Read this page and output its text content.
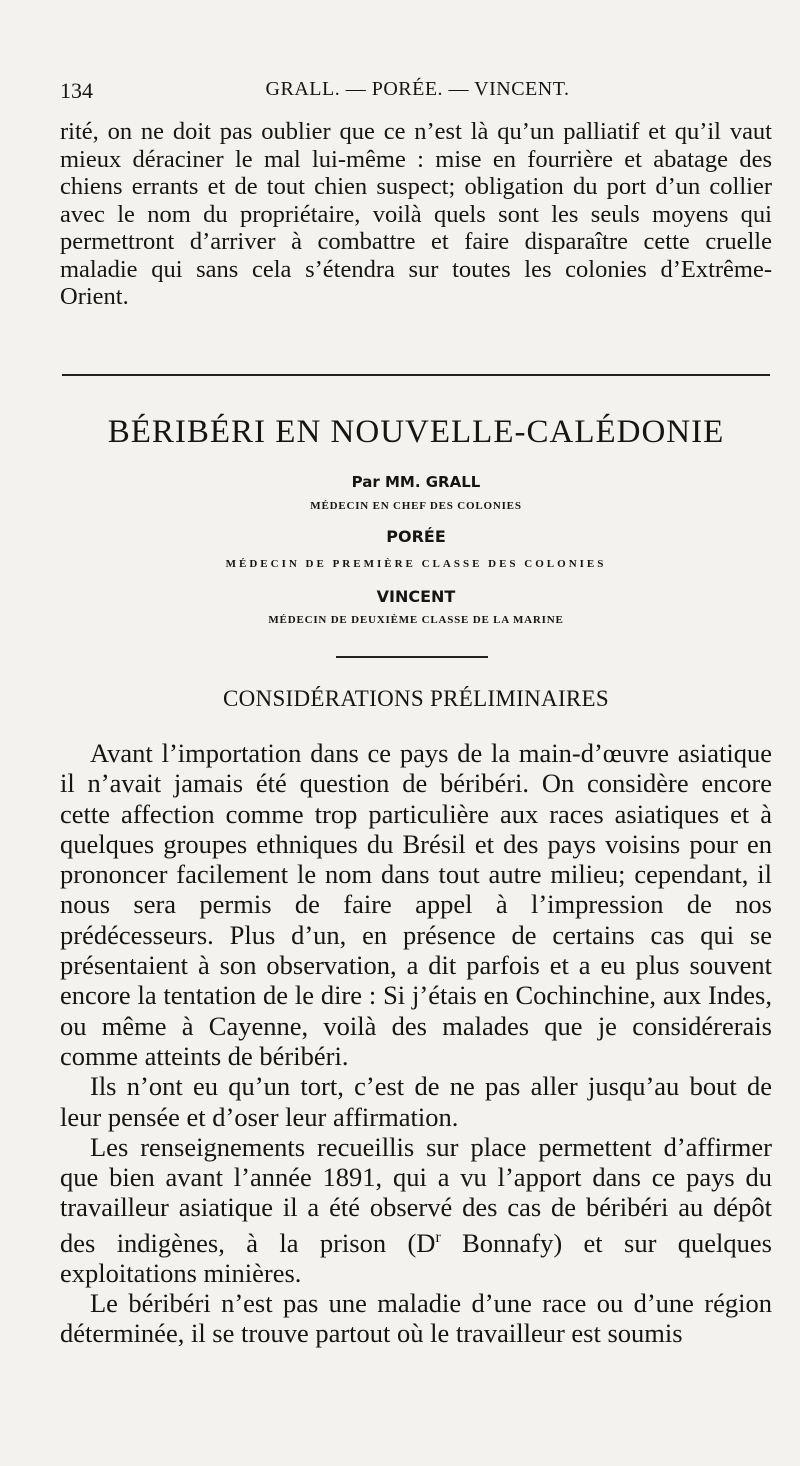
134	GRALL. — PORÉE. — VINCENT.

rité, on ne doit pas oublier que ce n’est là qu’un palliatif et qu’il vaut mieux déraciner le mal lui-même : mise en fourrière et abatage des chiens errants et de tout chien suspect; obligation du port d’un collier avec le nom du propriétaire, voilà quels sont les seuls moyens qui permettront d’arriver à combattre et faire disparaître cette cruelle maladie qui sans cela s’étendra sur toutes les colonies d’Extrême-Orient.

BÉRIBÉRI EN NOUVELLE-CALÉDONIE

Par MM. GRALL

MÉDECIN EN CHEF DES COLONIES

PORÉE

MÉDECIN DE PREMIÈRE CLASSE DES COLONIES

VINCENT

MÉDECIN DE DEUXIÈME CLASSE DE LA MARINE

CONSIDÉRATIONS PRÉLIMINAIRES

Avant l’importation dans ce pays de la main-d’œuvre asiatique il n’avait jamais été question de béribéri. On considère encore cette affection comme trop particulière aux races asiatiques et à quelques groupes ethniques du Brésil et des pays voisins pour en prononcer facilement le nom dans tout autre milieu; cependant, il nous sera permis de faire appel à l’impression de nos prédécesseurs. Plus d’un, en présence de certains cas qui se présentaient à son observation, a dit parfois et a eu plus souvent encore la tentation de le dire : Si j’étais en Cochinchine, aux Indes, ou même à Cayenne, voilà des malades que je considérerais comme atteints de béribéri.

Ils n’ont eu qu’un tort, c’est de ne pas aller jusqu’au bout de leur pensée et d’oser leur affirmation.

Les renseignements recueillis sur place permettent d’affirmer que bien avant l’année 1891, qui a vu l’apport dans ce pays du travailleur asiatique il a été observé des cas de béribéri au dépôt des indigènes, à la prison ($D^r$ Bonnafy) et sur quelques exploitations minières.

Le béribéri n’est pas une maladie d’une race ou d’une région déterminée, il se trouve partout où le travailleur est soumis
